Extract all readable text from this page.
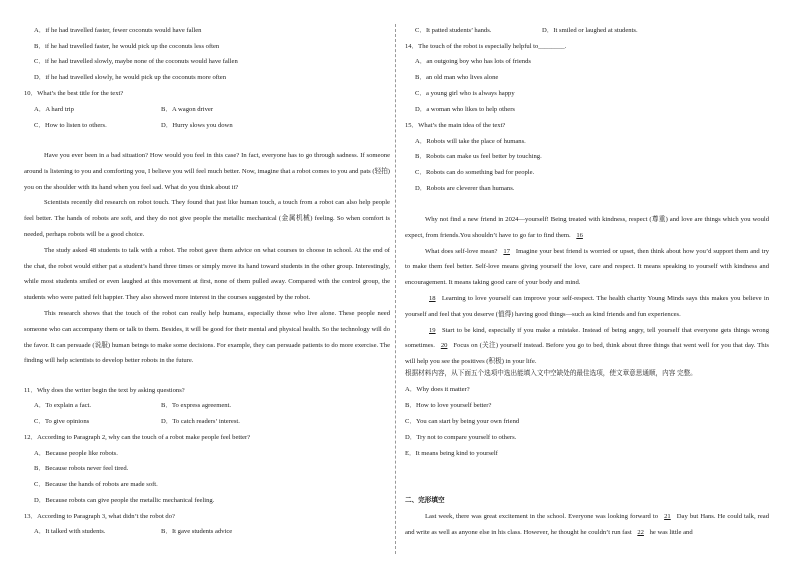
A．if he had travelled faster, fewer coconuts would have fallen
B．if he had travelled faster, he would pick up the coconuts less often
C．if he had travelled slowly, maybe none of the coconuts would have fallen
D．if he had travelled slowly, he would pick up the coconuts more often
10．What’s the best title for the text?
A．A hard trip	B．A wagon driver
C．How to listen to others.	D．Hurry slows you down

Have you ever been in a bad situation? How would you feel in this case? In fact, everyone has to go through sadness. If someone around is listening to you and comforting you, I believe you will feel much better. Now, imagine that a robot comes to you and pats (轻拍) you on the shoulder with its hand when you feel sad. What do you think about it?

Scientists recently did research on robot touch. They found that just like human touch, a touch from a robot can also help people feel better. The hands of robots are soft, and they do not give people the metallic mechanical (金属机械) feeling. So when comfort is needed, perhaps robots will be a good choice.

The study asked 48 students to talk with a robot. The robot gave them advice on what courses to choose in school. At the end of the chat, the robot would either pat a student’s hand three times or simply move its hand toward students in the other group. Interestingly, while most students smiled or even laughed at this movement at first, none of them pulled away. Compared with the control group, the students who were patted felt happier. They also showed more interest in the courses suggested by the robot.

This research shows that the touch of the robot can really help humans, especially those who live alone. These people need someone who can accompany them or talk to them. Besides, it will be good for their mental and physical health. So the technology will do the favor. It can persuade (说服) human beings to make some decisions. For example, they can persuade patients to do more exercise. The finding will help scientists to develop better robots in the future.

11．Why does the writer begin the text by asking questions?
A．To explain a fact.	B．To express agreement.
C．To give opinions	D．To catch readers’ interest.
12．According to Paragraph 2, why can the touch of a robot make people feel better?
A．Because people like robots.
B．Because robots never feel tired.
C．Because the hands of robots are made soft.
D．Because robots can give people the metallic mechanical feeling.
13．According to Paragraph 3, what didn’t the robot do?
A．It talked with students.	B．It gave students advice
C．It patted students’ hands.	D．It smiled or laughed at students.
14．The touch of the robot is especially helpful to________.
A．an outgoing boy who has lots of friends
B．an old man who lives alone
C．a young girl who is always happy
D．a woman who likes to help others
15．What’s the main idea of the text?
A．Robots will take the place of humans.
B．Robots can make us feel better by touching.
C．Robots can do something bad for people.
D．Robots are cleverer than humans.

Why not find a new friend in 2024—yourself! Being treated with kindness, respect (尊重) and love are things which you would expect, from friends.You shouldn’t have to go far to find them. 16

What does self-love mean? 17 Imagine your best friend is worried or upset, then think about how you’d support them and try to make them feel better. Self-love means giving yourself the love, care and respect. It means speaking to yourself with kindness and encouragement. It means taking good care of your body and mind.

18 Learning to love yourself can improve your self-respect. The health charity Young Minds says this makes you believe in yourself and feel that you deserve (值得) having good things—such as kind friends and fun experiences.

19 Start to be kind, especially if you make a mistake. Instead of being angry, tell yourself that everyone gets things wrong sometimes. 20 Focus on (关注) yourself instead. Before you go to bed, think about three things that went well for you that day. This will help you see the positives (积极) in your life.

根据材料内容，从下面五个选项中选出能填入文中空缺处的最佳选项，使文章意思通顺，内容 完整。
A．Why does it matter?
B．How to love yourself better?
C．You can start by being your own friend
D．Try not to compare yourself to others.
E．It means being kind to yourself
二、完形填空

Last week, there was great excitement in the school. Everyone was looking forward to 21 Day but Hans. He could talk, read and write as well as anyone else in his class. However, he thought he couldn’t run fast 22 he was little and
